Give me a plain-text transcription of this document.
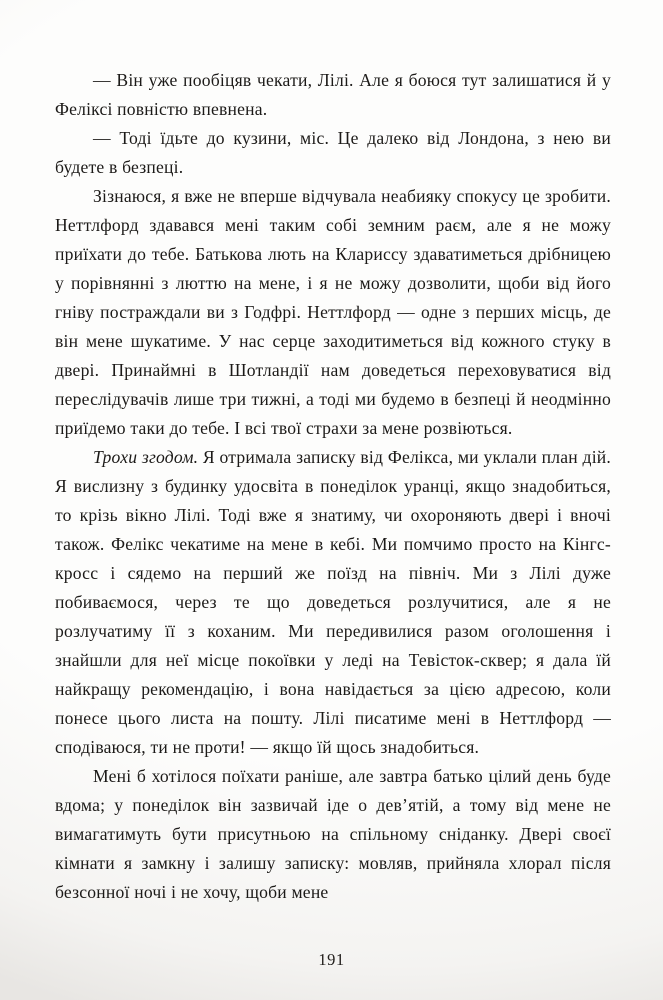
— Він уже пообіцяв чекати, Лілі. Але я боюся тут залишатися й у Феліксі повністю впевнена.

— Тоді їдьте до кузини, міс. Це далеко від Лондона, з нею ви будете в безпеці.

Зізнаюся, я вже не вперше відчувала неабияку спокусу це зробити. Неттлфорд здавався мені таким собі земним раєм, але я не можу приїхати до тебе. Батькова лють на Клариссу здаватиметься дрібницею у порівнянні з люттю на мене, і я не можу дозволити, щоби від його гніву постраждали ви з Годфрі. Неттлфорд — одне з перших місць, де він мене шукатиме. У нас серце заходитиметься від кожного стуку в двері. Принаймні в Шотландії нам доведеться переховуватися від переслідувачів лише три тижні, а тоді ми будемо в безпеці й неодмінно приїдемо таки до тебе. І всі твої страхи за мене розвіються.

Трохи згодом. Я отримала записку від Фелікса, ми уклали план дій. Я вислизну з будинку удосвіта в понеділок уранці, якщо знадобиться, то крізь вікно Лілі. Тоді вже я знатиму, чи охороняють двері і вночі також. Фелікс чекатиме на мене в кебі. Ми помчимо просто на Кінгс-кросс і сядемо на перший же поїзд на північ. Ми з Лілі дуже побиваємося, через те що доведеться розлучитися, але я не розлучатиму її з коханим. Ми передивилися разом оголошення і знайшли для неї місце покоївки у леді на Тевісток-сквер; я дала їй найкращу рекомендацію, і вона навідається за цією адресою, коли понесе цього листа на пошту. Лілі писатиме мені в Неттлфорд — сподіваюся, ти не проти! — якщо їй щось знадобиться.

Мені б хотілося поїхати раніше, але завтра батько цілий день буде вдома; у понеділок він зазвичай іде о дев’ятій, а тому від мене не вимагатимуть бути присутньою на спільному сніданку. Двері своєї кімнати я замкну і залишу записку: мовляв, прийняла хлорал після безсонної ночі і не хочу, щоби мене

191
